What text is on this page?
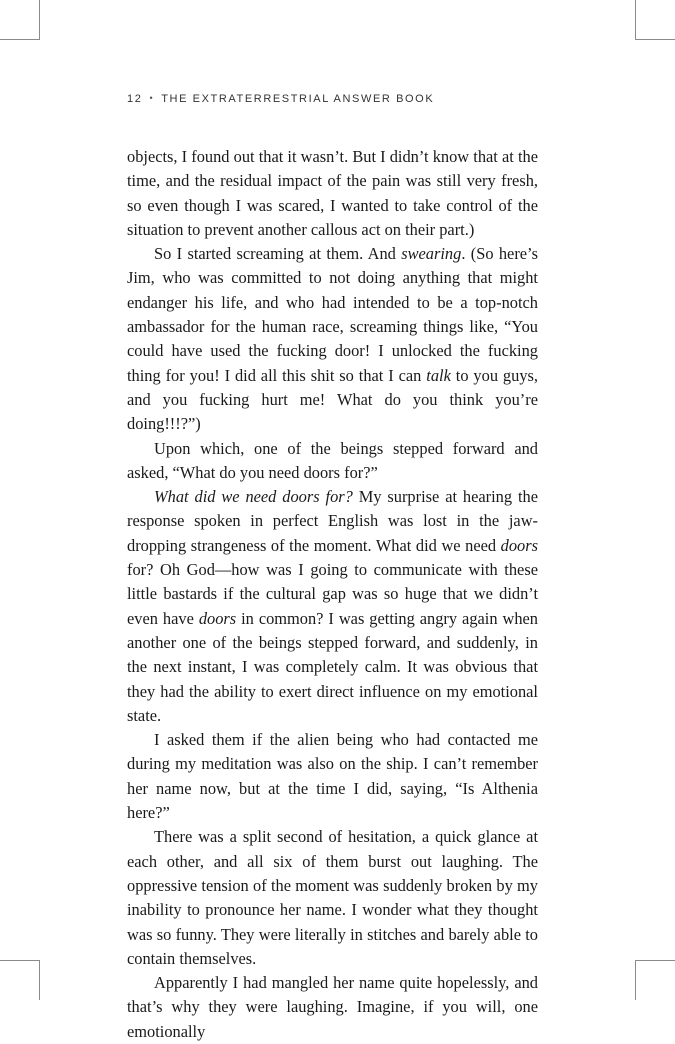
12 • THE EXTRATERRESTRIAL ANSWER BOOK

objects, I found out that it wasn’t. But I didn’t know that at the time, and the residual impact of the pain was still very fresh, so even though I was scared, I wanted to take control of the situation to prevent another callous act on their part.)

So I started screaming at them. And swearing. (So here’s Jim, who was committed to not doing anything that might endanger his life, and who had intended to be a top-notch ambassador for the human race, screaming things like, “You could have used the fucking door! I unlocked the fucking thing for you! I did all this shit so that I can talk to you guys, and you fucking hurt me! What do you think you’re doing!!!?”)

Upon which, one of the beings stepped forward and asked, “What do you need doors for?”

What did we need doors for? My surprise at hearing the response spoken in perfect English was lost in the jaw-dropping strangeness of the moment. What did we need doors for? Oh God—how was I going to communicate with these little bastards if the cultural gap was so huge that we didn’t even have doors in common? I was getting angry again when another one of the beings stepped forward, and suddenly, in the next instant, I was completely calm. It was obvious that they had the ability to exert direct influence on my emotional state.

I asked them if the alien being who had contacted me during my meditation was also on the ship. I can’t remember her name now, but at the time I did, saying, “Is Althenia here?”

There was a split second of hesitation, a quick glance at each other, and all six of them burst out laughing. The oppressive tension of the moment was suddenly broken by my inability to pronounce her name. I wonder what they thought was so funny. They were literally in stitches and barely able to contain themselves.

Apparently I had mangled her name quite hopelessly, and that’s why they were laughing. Imagine, if you will, one emotionally
